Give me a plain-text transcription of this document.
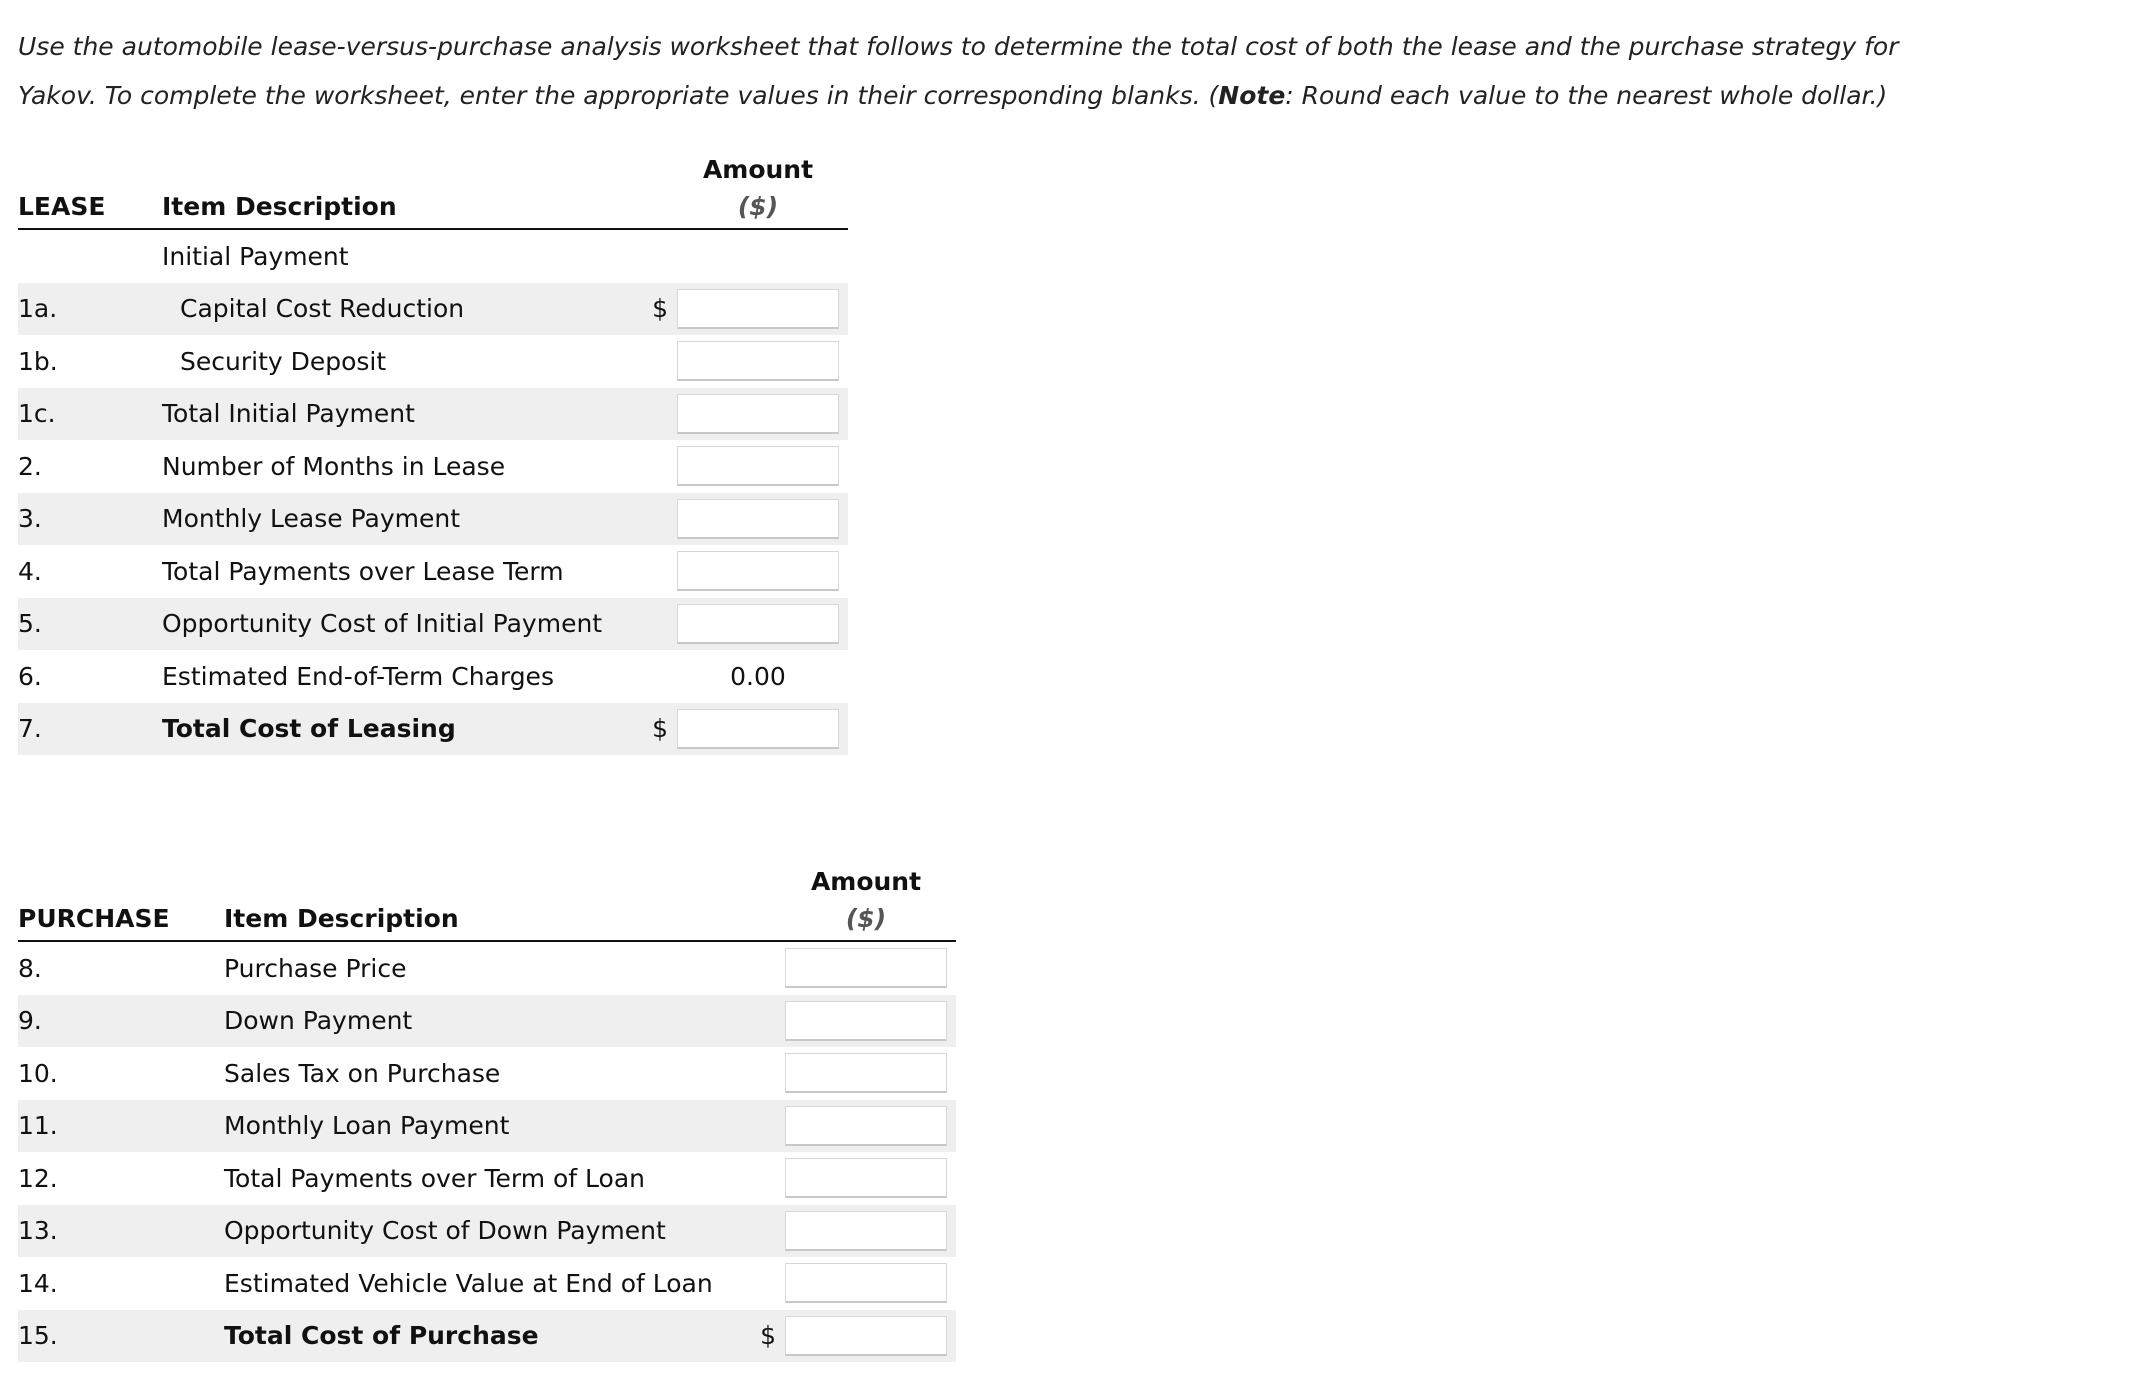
Use the automobile lease-versus-purchase analysis worksheet that follows to determine the total cost of both the lease and the purchase strategy for Yakov. To complete the worksheet, enter the appropriate values in their corresponding blanks. (Note: Round each value to the nearest whole dollar.)
			Amount
LEASE	Item Description		($)
	Initial Payment		
1a.	Capital Cost Reduction	$	
1b.	Security Deposit		
1c.	Total Initial Payment		
2.	Number of Months in Lease		
3.	Monthly Lease Payment		
4.	Total Payments over Lease Term		
5.	Opportunity Cost of Initial Payment		
6.	Estimated End-of-Term Charges		0.00
7.	Total Cost of Leasing	$	
			Amount
PURCHASE	Item Description		($)
8.	Purchase Price		
9.	Down Payment		
10.	Sales Tax on Purchase		
11.	Monthly Loan Payment		
12.	Total Payments over Term of Loan		
13.	Opportunity Cost of Down Payment		
14.	Estimated Vehicle Value at End of Loan		
15.	Total Cost of Purchase	$	
